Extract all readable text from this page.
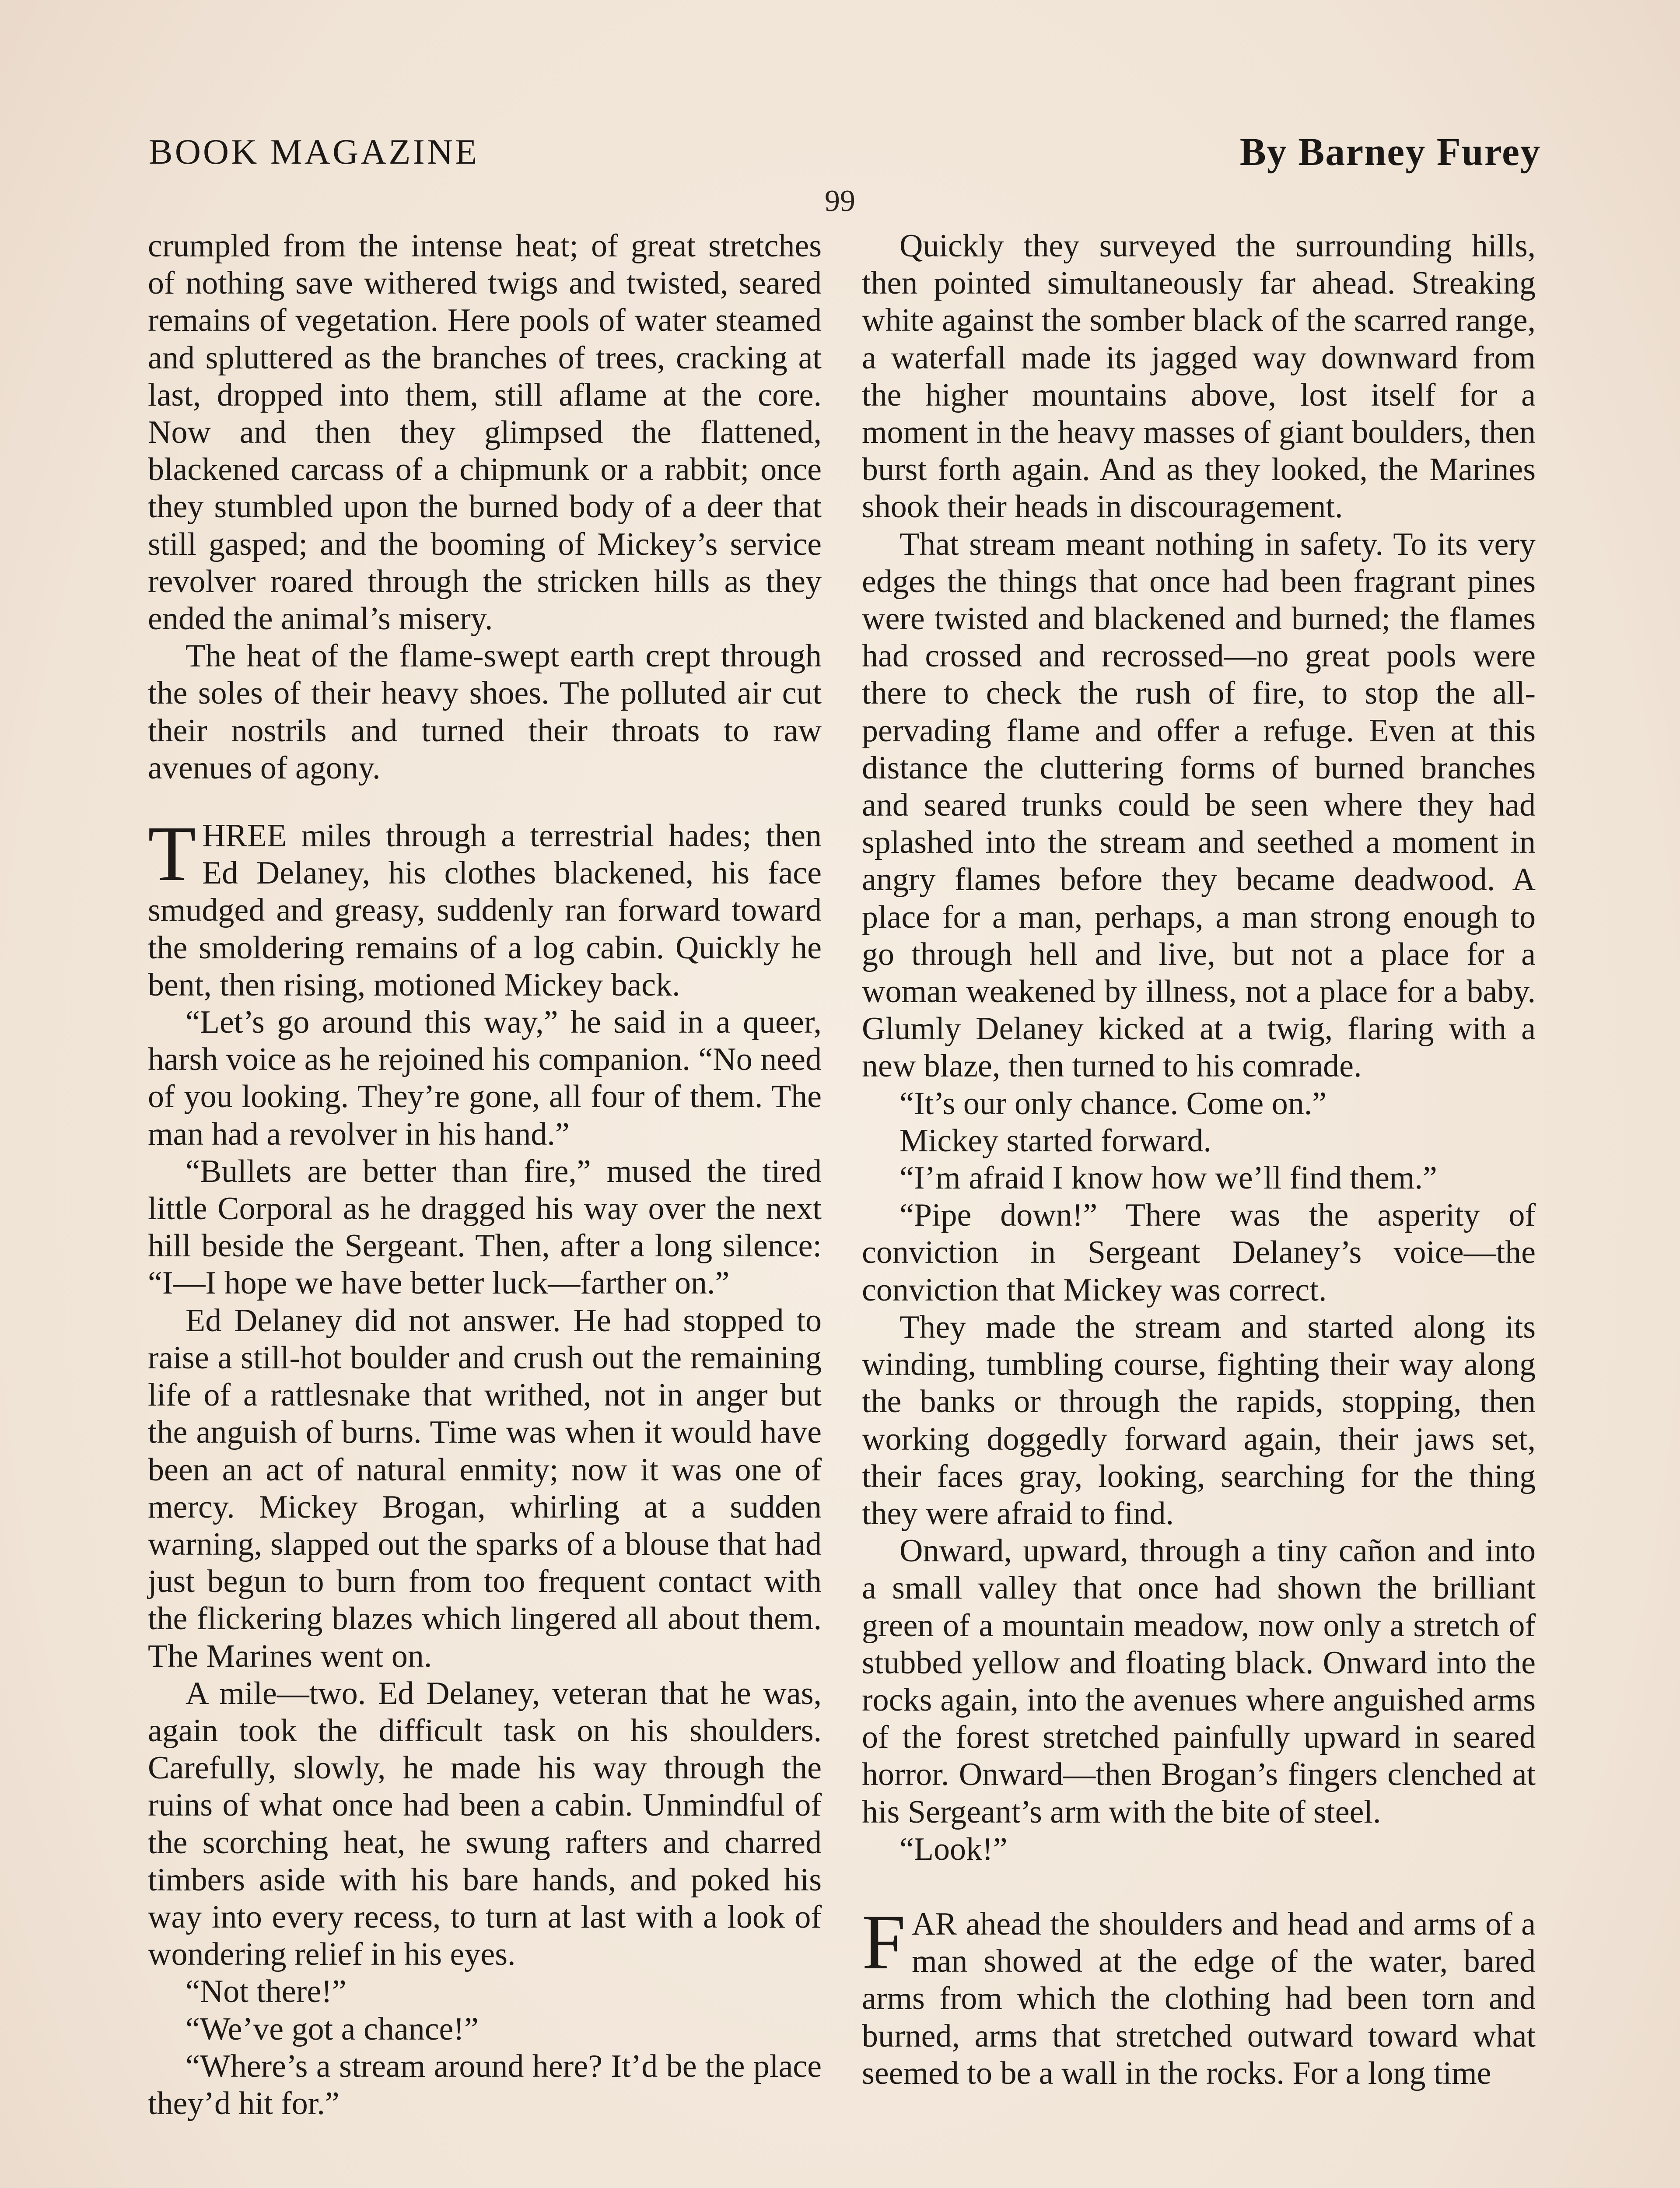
BOOK MAGAZINE	By Barney Furey
99

crumpled from the intense heat; of great stretches of nothing save withered twigs and twisted, seared remains of vegetation. Here pools of water steamed and spluttered as the branches of trees, cracking at last, dropped into them, still aflame at the core. Now and then they glimpsed the flattened, blackened carcass of a chipmunk or a rabbit; once they stumbled upon the burned body of a deer that still gasped; and the booming of Mickey’s service revolver roared through the stricken hills as they ended the animal’s misery.

The heat of the flame-swept earth crept through the soles of their heavy shoes. The polluted air cut their nostrils and turned their throats to raw avenues of agony.

THREE miles through a terrestrial hades; then Ed Delaney, his clothes blackened, his face smudged and greasy, suddenly ran forward toward the smoldering remains of a log cabin. Quickly he bent, then rising, motioned Mickey back.

“Let’s go around this way,” he said in a queer, harsh voice as he rejoined his companion. “No need of you looking. They’re gone, all four of them. The man had a revolver in his hand.”

“Bullets are better than fire,” mused the tired little Corporal as he dragged his way over the next hill beside the Sergeant. Then, after a long silence: “I—I hope we have better luck—farther on.”

Ed Delaney did not answer. He had stopped to raise a still-hot boulder and crush out the remaining life of a rattlesnake that writhed, not in anger but the anguish of burns. Time was when it would have been an act of natural enmity; now it was one of mercy. Mickey Brogan, whirling at a sudden warning, slapped out the sparks of a blouse that had just begun to burn from too frequent contact with the flickering blazes which lingered all about them. The Marines went on.

A mile—two. Ed Delaney, veteran that he was, again took the difficult task on his shoulders. Carefully, slowly, he made his way through the ruins of what once had been a cabin. Unmindful of the scorching heat, he swung rafters and charred timbers aside with his bare hands, and poked his way into every recess, to turn at last with a look of wondering relief in his eyes.

“Not there!”

“We’ve got a chance!”

“Where’s a stream around here? It’d be the place they’d hit for.”

Quickly they surveyed the surrounding hills, then pointed simultaneously far ahead. Streaking white against the somber black of the scarred range, a waterfall made its jagged way downward from the higher mountains above, lost itself for a moment in the heavy masses of giant boulders, then burst forth again. And as they looked, the Marines shook their heads in discouragement.

That stream meant nothing in safety. To its very edges the things that once had been fragrant pines were twisted and blackened and burned; the flames had crossed and recrossed—no great pools were there to check the rush of fire, to stop the all-pervading flame and offer a refuge. Even at this distance the cluttering forms of burned branches and seared trunks could be seen where they had splashed into the stream and seethed a moment in angry flames before they became deadwood. A place for a man, perhaps, a man strong enough to go through hell and live, but not a place for a woman weakened by illness, not a place for a baby. Glumly Delaney kicked at a twig, flaring with a new blaze, then turned to his comrade.

“It’s our only chance. Come on.”

Mickey started forward.

“I’m afraid I know how we’ll find them.”

“Pipe down!” There was the asperity of conviction in Sergeant Delaney’s voice—the conviction that Mickey was correct.

They made the stream and started along its winding, tumbling course, fighting their way along the banks or through the rapids, stopping, then working doggedly forward again, their jaws set, their faces gray, looking, searching for the thing they were afraid to find.

Onward, upward, through a tiny cañon and into a small valley that once had shown the brilliant green of a mountain meadow, now only a stretch of stubbed yellow and floating black. Onward into the rocks again, into the avenues where anguished arms of the forest stretched painfully upward in seared horror. Onward—then Brogan’s fingers clenched at his Sergeant’s arm with the bite of steel.

“Look!”

FAR ahead the shoulders and head and arms of a man showed at the edge of the water, bared arms from which the clothing had been torn and burned, arms that stretched outward toward what seemed to be a wall in the rocks. For a long time
